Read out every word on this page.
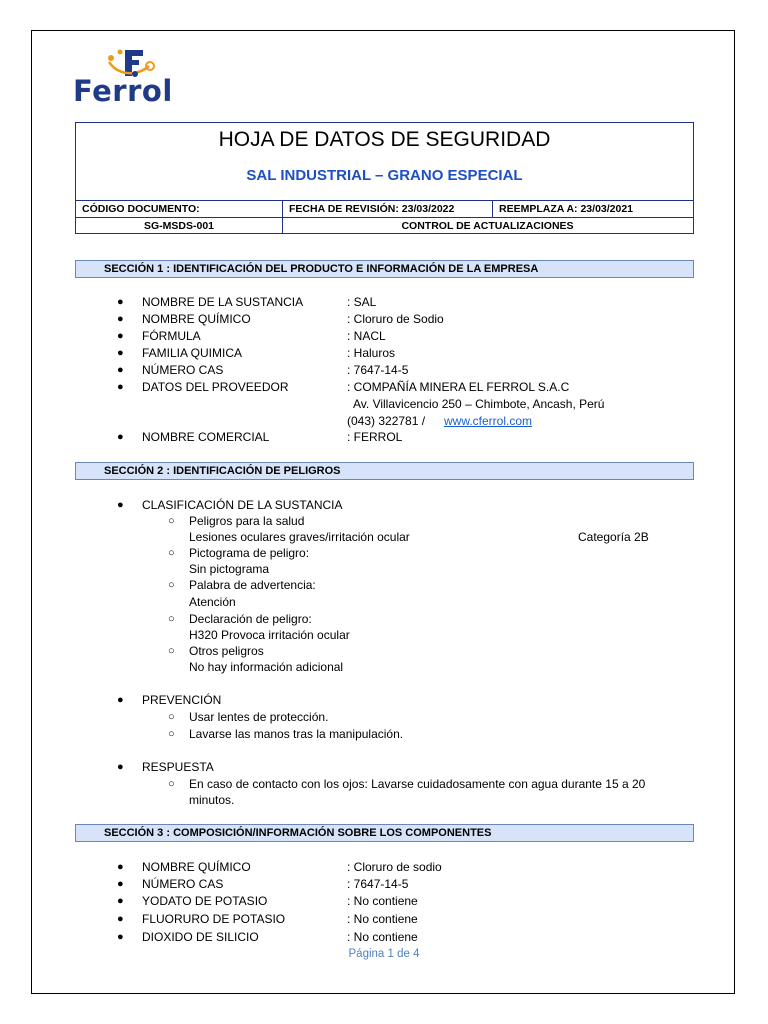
Ferrol
HOJA DE DATOS DE SEGURIDAD
SAL INDUSTRIAL – GRANO ESPECIAL
CÓDIGO DOCUMENTO:	FECHA DE REVISIÓN: 23/03/2022	REEMPLAZA A: 23/03/2021
SG-MSDS-001	CONTROL DE ACTUALIZACIONES
SECCIÓN 1 : IDENTIFICACIÓN DEL PRODUCTO E INFORMACIÓN DE LA EMPRESA
● NOMBRE DE LA SUSTANCIA	: SAL
● NOMBRE QUÍMICO	: Cloruro de Sodio
● FÓRMULA	: NACL
● FAMILIA QUIMICA	: Haluros
● NÚMERO CAS	: 7647-14-5
● DATOS DEL PROVEEDOR	: COMPAÑÍA MINERA EL FERROL S.A.C
Av. Villavicencio 250 – Chimbote, Ancash, Perú
(043) 322781 / www.cferrol.com
● NOMBRE COMERCIAL	: FERROL
SECCIÓN 2 : IDENTIFICACIÓN DE PELIGROS
● CLASIFICACIÓN DE LA SUSTANCIA
○ Peligros para la salud
Lesiones oculares graves/irritación ocular	Categoría 2B
○ Pictograma de peligro:
Sin pictograma
○ Palabra de advertencia:
Atención
○ Declaración de peligro:
H320 Provoca irritación ocular
○ Otros peligros
No hay información adicional
● PREVENCIÓN
○ Usar lentes de protección.
○ Lavarse las manos tras la manipulación.
● RESPUESTA
○ En caso de contacto con los ojos: Lavarse cuidadosamente con agua durante 15 a 20
minutos.
SECCIÓN 3 : COMPOSICIÓN/INFORMACIÓN SOBRE LOS COMPONENTES
● NOMBRE QUÍMICO	: Cloruro de sodio
● NÚMERO CAS	: 7647-14-5
● YODATO DE POTASIO	: No contiene
● FLUORURO DE POTASIO	: No contiene
● DIOXIDO DE SILICIO	: No contiene
Página 1 de 4
